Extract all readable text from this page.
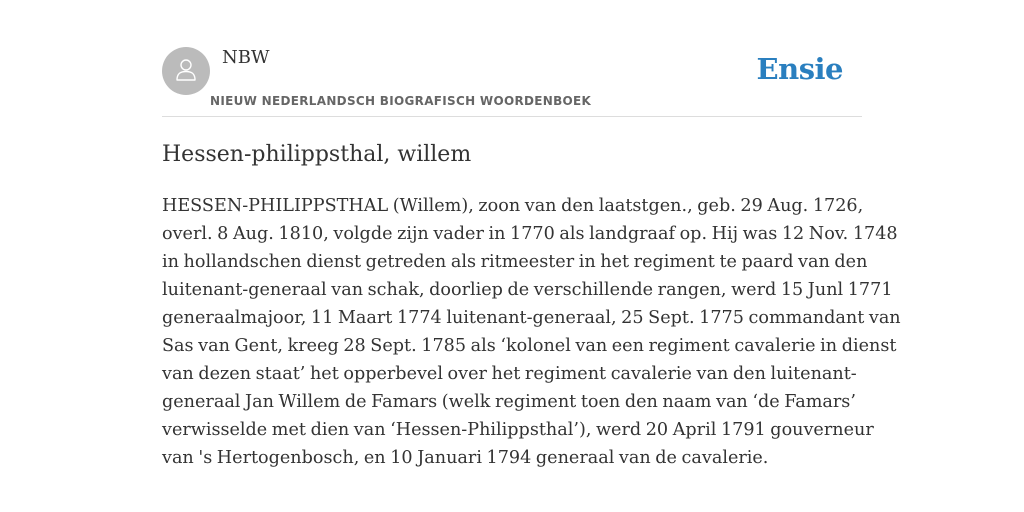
NBW
NIEUW NEDERLANDSCH BIOGRAFISCH WOORDENBOEK
Ensie
Hessen-philippsthal, willem

HESSEN-PHILIPPSTHAL (Willem), zoon van den laatstgen., geb. 29 Aug. 1726,
overl. 8 Aug. 1810, volgde zijn vader in 1770 als landgraaf op. Hij was 12 Nov. 1748
in hollandschen dienst getreden als ritmeester in het regiment te paard van den
luitenant-generaal van schak, doorliep de verschillende rangen, werd 15 Junl 1771
generaalmajoor, 11 Maart 1774 luitenant-generaal, 25 Sept. 1775 commandant van
Sas van Gent, kreeg 28 Sept. 1785 als ‘kolonel van een regiment cavalerie in dienst
van dezen staat’ het opperbevel over het regiment cavalerie van den luitenant-
generaal Jan Willem de Famars (welk regiment toen den naam van ‘de Famars’
verwisselde met dien van ‘Hessen-Philippsthal’), werd 20 April 1791 gouverneur
van 's Hertogenbosch, en 10 Januari 1794 generaal van de cavalerie.
